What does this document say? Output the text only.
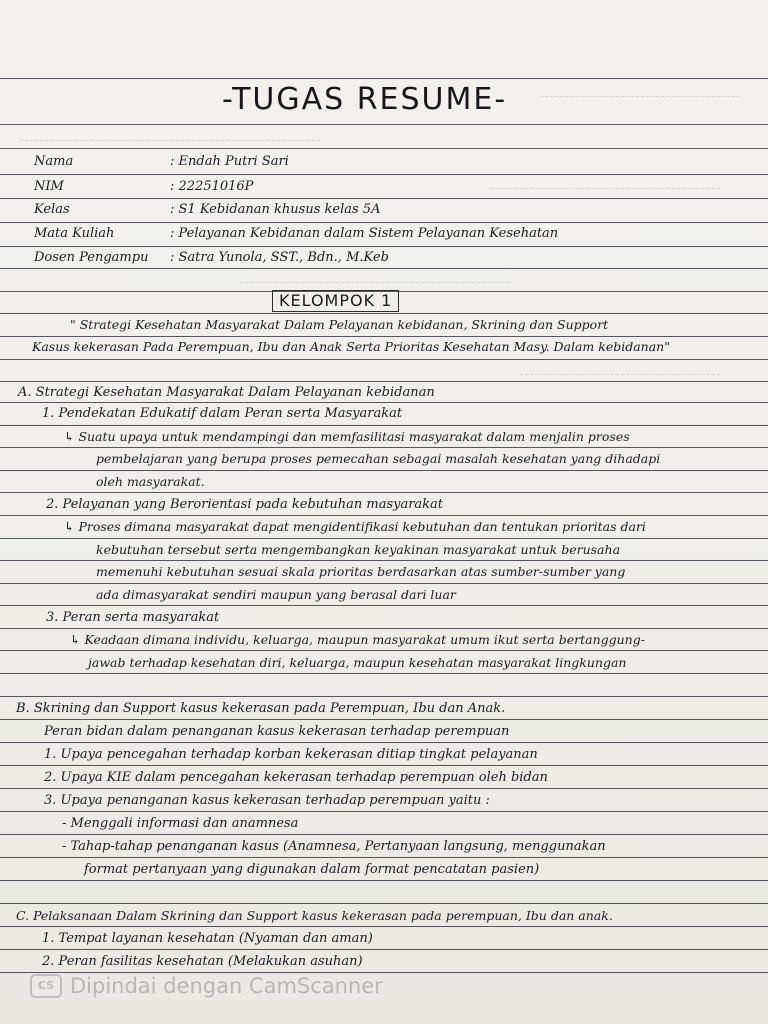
-TUGAS RESUME-
Nama	: Endah Putri Sari
NIM	: 22251016P
Kelas	: S1 Kebidanan khusus kelas 5A
Mata Kuliah	: Pelayanan Kebidanan dalam Sistem Pelayanan Kesehatan
Dosen Pengampu : Satra Yunola, SST., Bdn., M.Keb
KELOMPOK 1
" Strategi Kesehatan Masyarakat Dalam Pelayanan kebidanan, Skrining dan Support
Kasus kekerasan Pada Perempuan, Ibu dan Anak Serta Prioritas Kesehatan Masy. Dalam kebidanan"
A. Strategi Kesehatan Masyarakat Dalam Pelayanan kebidanan
1. Pendekatan Edukatif dalam Peran serta Masyarakat
↳ Suatu upaya untuk mendampingi dan memfasilitasi masyarakat dalam menjalin proses
pembelajaran yang berupa proses pemecahan sebagai masalah kesehatan yang dihadapi
oleh masyarakat.
2. Pelayanan yang Berorientasi pada kebutuhan masyarakat
↳ Proses dimana masyarakat dapat mengidentifikasi kebutuhan dan tentukan prioritas dari
kebutuhan tersebut serta mengembangkan keyakinan masyarakat untuk berusaha
memenuhi kebutuhan sesuai skala prioritas berdasarkan atas sumber-sumber yang
ada dimasyarakat sendiri maupun yang berasal dari luar
3. Peran serta masyarakat
↳ Keadaan dimana individu, keluarga, maupun masyarakat umum ikut serta bertanggung-
jawab terhadap kesehatan diri, keluarga, maupun kesehatan masyarakat lingkungan
B. Skrining dan Support kasus kekerasan pada Perempuan, Ibu dan Anak.
Peran bidan dalam penanganan kasus kekerasan terhadap perempuan
1. Upaya pencegahan terhadap korban kekerasan ditiap tingkat pelayanan
2. Upaya KIE dalam pencegahan kekerasan terhadap perempuan oleh bidan
3. Upaya penanganan kasus kekerasan terhadap perempuan yaitu :
- Menggali informasi dan anamnesa
- Tahap-tahap penanganan kasus (Anamnesa, Pertanyaan langsung, menggunakan
format pertanyaan yang digunakan dalam format pencatatan pasien)
C. Pelaksanaan Dalam Skrining dan Support kasus kekerasan pada perempuan, Ibu dan anak.
1. Tempat layanan kesehatan (Nyaman dan aman)
2. Peran fasilitas kesehatan (Melakukan asuhan)
CS Dipindai dengan CamScanner
